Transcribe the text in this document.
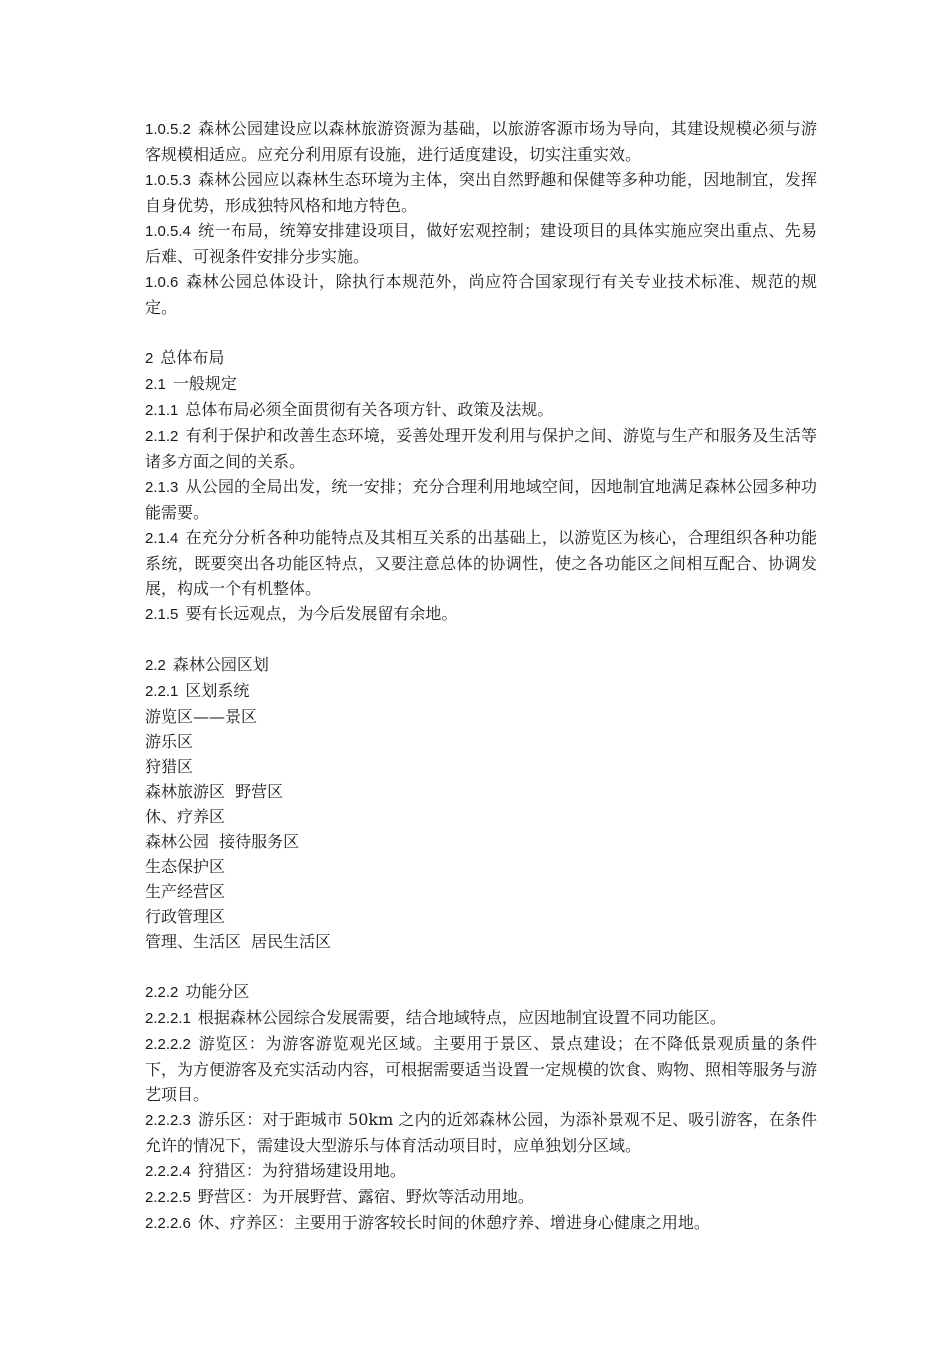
1.0.5.2 森林公园建设应以森林旅游资源为基础，以旅游客源市场为导向，其建设规模必须与游客规模相适应。应充分利用原有设施，进行适度建设，切实注重实效。

1.0.5.3 森林公园应以森林生态环境为主体，突出自然野趣和保健等多种功能，因地制宜，发挥自身优势，形成独特风格和地方特色。

1.0.5.4 统一布局，统筹安排建设项目，做好宏观控制；建设项目的具体实施应突出重点、先易后难、可视条件安排分步实施。

1.0.6 森林公园总体设计，除执行本规范外，尚应符合国家现行有关专业技术标准、规范的规定。

2 总体布局

2.1 一般规定

2.1.1 总体布局必须全面贯彻有关各项方针、政策及法规。

2.1.2 有利于保护和改善生态环境，妥善处理开发利用与保护之间、游览与生产和服务及生活等诸多方面之间的关系。

2.1.3 从公园的全局出发，统一安排；充分合理利用地域空间，因地制宜地满足森林公园多种功能需要。

2.1.4 在充分分析各种功能特点及其相互关系的出基础上，以游览区为核心，合理组织各种功能系统，既要突出各功能区特点，又要注意总体的协调性，使之各功能区之间相互配合、协调发展，构成一个有机整体。

2.1.5 要有长远观点，为今后发展留有余地。

2.2 森林公园区划

2.2.1 区划系统

游览区——景区

游乐区

狩猎区

森林旅游区  野营区

休、疗养区

森林公园  接待服务区

生态保护区

生产经营区

行政管理区

管理、生活区  居民生活区

2.2.2 功能分区

2.2.2.1 根据森林公园综合发展需要，结合地域特点，应因地制宜设置不同功能区。

2.2.2.2 游览区：为游客游览观光区域。主要用于景区、景点建设；在不降低景观质量的条件下，为方便游客及充实活动内容，可根据需要适当设置一定规模的饮食、购物、照相等服务与游艺项目。

2.2.2.3 游乐区：对于距城市 50km 之内的近郊森林公园，为添补景观不足、吸引游客，在条件允许的情况下，需建设大型游乐与体育活动项目时，应单独划分区域。

2.2.2.4 狩猎区：为狩猎场建设用地。

2.2.2.5 野营区：为开展野营、露宿、野炊等活动用地。

2.2.2.6 休、疗养区：主要用于游客较长时间的休憩疗养、增进身心健康之用地。
